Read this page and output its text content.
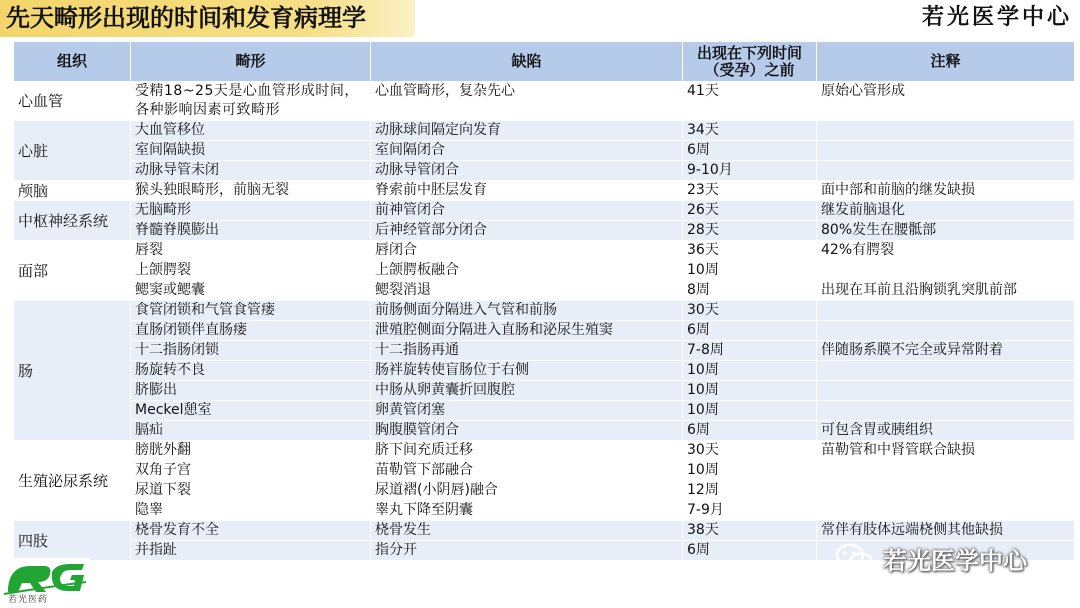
先天畸形出现的时间和发育病理学	若光医学中心
组织	畸形	缺陷	出现在下列时间（受孕）之前	注释
心血管	受精18~25天是心血管形成时间，各种影响因素可致畸形	心血管畸形，复杂先心	41天	原始心管形成
心脏	大血管移位	动脉球间隔定向发育	34天	
	室间隔缺损	室间隔闭合	6周	
	动脉导管未闭	动脉导管闭合	9-10月	
颅脑	猴头独眼畸形，前脑无裂	脊索前中胚层发育	23天	面中部和前脑的继发缺损
中枢神经系统	无脑畸形	前神管闭合	26天	继发前脑退化
	脊髓脊膜膨出	后神经管部分闭合	28天	80%发生在腰骶部
面部	唇裂	唇闭合	36天	42%有腭裂
	上颌腭裂	上颌腭板融合	10周	
	鳃窦或鳃囊	鳃裂消退	8周	出现在耳前且沿胸锁乳突肌前部
肠	食管闭锁和气管食管瘘	前肠侧面分隔进入气管和前肠	30天	
	直肠闭锁伴直肠瘘	泄殖腔侧面分隔进入直肠和泌尿生殖窦	6周	
	十二指肠闭锁	十二指肠再通	7-8周	伴随肠系膜不完全或异常附着
	肠旋转不良	肠袢旋转使盲肠位于右侧	10周	
	脐膨出	中肠从卵黄囊折回腹腔	10周	
	Meckel憩室	卵黄管闭塞	10周	
	膈疝	胸腹膜管闭合	6周	可包含胃或胰组织
生殖泌尿系统	膀胱外翻	脐下间充质迁移	30天	苗勒管和中肾管联合缺损
	双角子宫	苗勒管下部融合	10周	
	尿道下裂	尿道褶(小阴唇)融合	12周	
	隐睾	睾丸下降至阴囊	7-9月	
四肢	桡骨发育不全	桡骨发生	38天	常伴有肢体远端桡侧其他缺损
	并指趾	指分开	6周	
若光医药
若光医学中心
